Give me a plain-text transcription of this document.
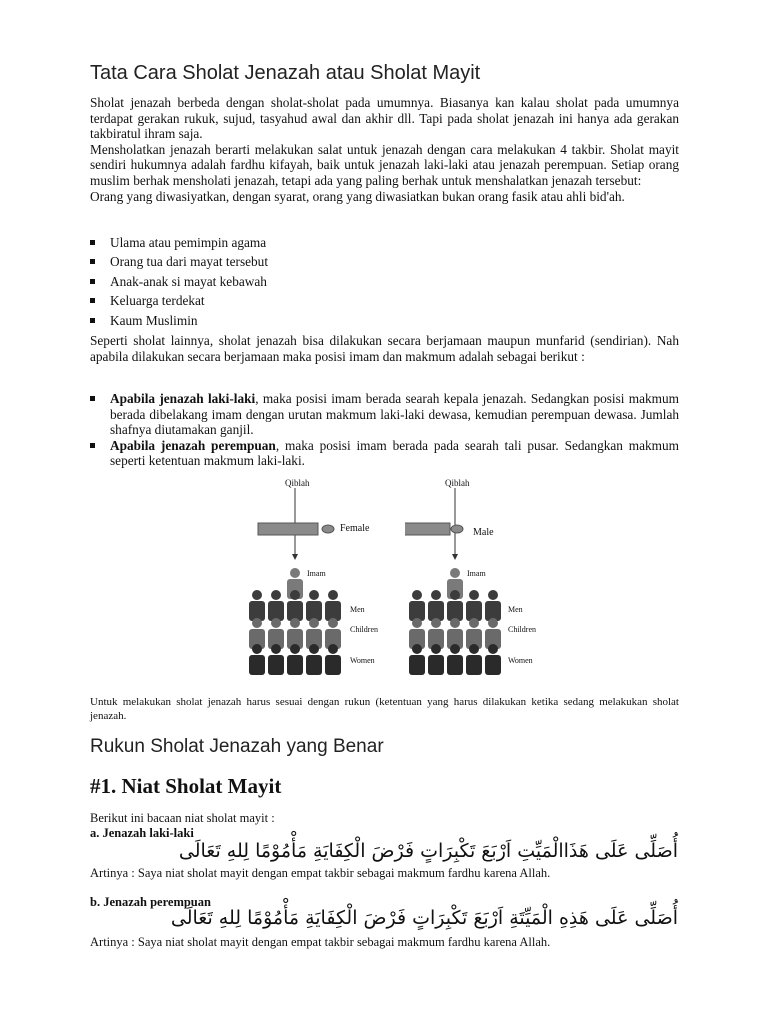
Tata Cara Sholat Jenazah atau Sholat Mayit

Sholat jenazah berbeda dengan sholat-sholat pada umumnya. Biasanya kan kalau sholat pada umumnya terdapat gerakan rukuk, sujud, tasyahud awal dan akhir dll. Tapi pada sholat jenazah ini hanya ada gerakan takbiratul ihram saja.

Mensholatkan jenazah berarti melakukan salat untuk jenazah dengan cara melakukan 4 takbir. Sholat mayit sendiri hukumnya adalah fardhu kifayah, baik untuk jenazah laki-laki atau jenazah perempuan. Setiap orang muslim berhak mensholati jenazah, tetapi ada yang paling berhak untuk menshalatkan jenazah tersebut:

Orang yang diwasiyatkan, dengan syarat, orang yang diwasiatkan bukan orang fasik atau ahli bid'ah.

Ulama atau pemimpin agama
Orang tua dari mayat tersebut
Anak-anak si mayat kebawah
Keluarga terdekat
Kaum Muslimin
Seperti sholat lainnya, sholat jenazah bisa dilakukan secara berjamaan maupun munfarid (sendirian). Nah apabila dilakukan secara berjamaan maka posisi imam dan makmum adalah sebagai berikut :
Apabila jenazah laki-laki, maka posisi imam berada searah kepala jenazah. Sedangkan posisi makmum berada dibelakang imam dengan urutan makmum laki-laki dewasa, kemudian perempuan dewasa. Jumlah shafnya diutamakan ganjil.
Apabila jenazah perempuan, maka posisi imam berada pada searah tali pusar. Sedangkan makmum seperti ketentuan makmum laki-laki.
Qiblah
Female
Imam
Men
Children
Women
Qiblah
Male
Imam
Men
Children
Women
Untuk melakukan sholat jenazah harus sesuai dengan rukun (ketentuan yang harus dilakukan ketika sedang melakukan sholat jenazah.
Rukun Sholat Jenazah yang Benar
#1. Niat Sholat Mayit
Berikut ini bacaan niat sholat mayit :
a. Jenazah laki-laki
أُصَلِّى عَلَى هَذَاالْمَيِّتِ اَرْبَعَ تَكْبِرَاتٍ فَرْضَ الْكِفَايَةِ مَأْمُوْمًا لِلهِ تَعَالَى
Artinya : Saya niat sholat mayit dengan empat takbir sebagai makmum fardhu karena Allah.
b. Jenazah perempuan
أُصَلِّى عَلَى هَذِهِ الْمَيِّتَةِ اَرْبَعَ تَكْبِرَاتٍ فَرْضَ الْكِفَايَةِ مَأْمُوْمًا لِلهِ تَعَالَى
Artinya : Saya niat sholat mayit dengan empat takbir sebagai makmum fardhu karena Allah.
